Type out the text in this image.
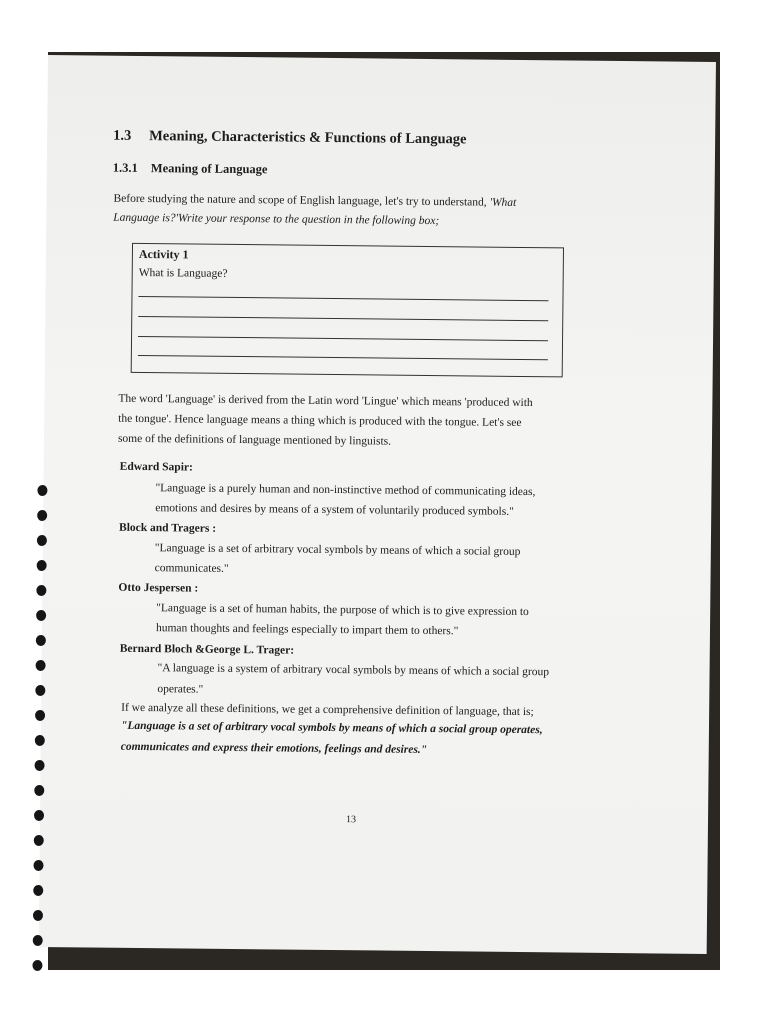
1.3 Meaning, Characteristics & Functions of Language
1.3.1 Meaning of Language
Before studying the nature and scope of English language, let's try to understand, 'What
Language is?'Write your response to the question in the following box;
Activity 1
What is Language?
The word 'Language' is derived from the Latin word 'Lingue' which means 'produced with
the tongue'. Hence language means a thing which is produced with the tongue. Let's see
some of the definitions of language mentioned by linguists.
Edward Sapir:
"Language is a purely human and non-instinctive method of communicating ideas,
emotions and desires by means of a system of voluntarily produced symbols."
Block and Tragers :
"Language is a set of arbitrary vocal symbols by means of which a social group
communicates."
Otto Jespersen :
"Language is a set of human habits, the purpose of which is to give expression to
human thoughts and feelings especially to impart them to others."
Bernard Bloch &George L. Trager:
"A language is a system of arbitrary vocal symbols by means of which a social group
operates."
If we analyze all these definitions, we get a comprehensive definition of language, that is;
"Language is a set of arbitrary vocal symbols by means of which a social group operates,
communicates and express their emotions, feelings and desires."
13
